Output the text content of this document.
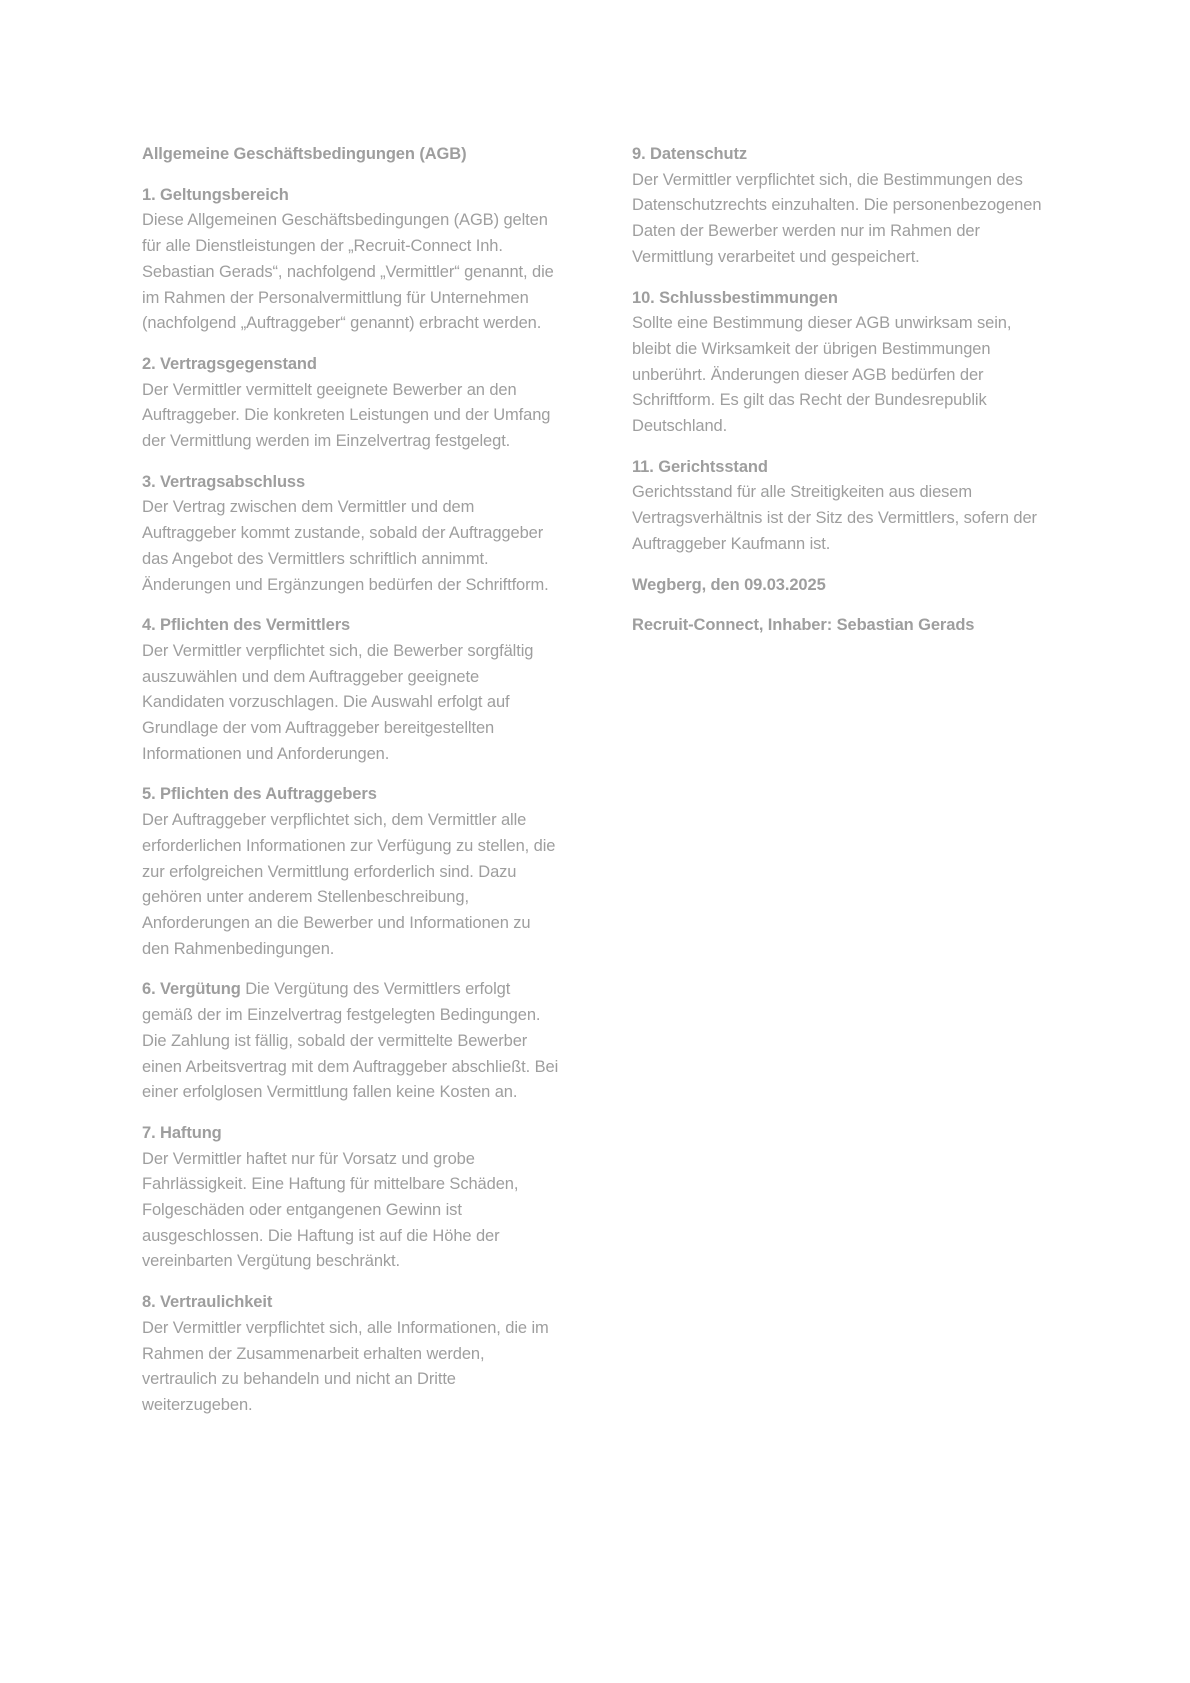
Allgemeine Geschäftsbedingungen (AGB)
1. Geltungsbereich
Diese Allgemeinen Geschäftsbedingungen (AGB) gelten für alle Dienstleistungen der „Recruit-Connect Inh. Sebastian Gerads“, nachfolgend „Vermittler“ genannt, die im Rahmen der Personalvermittlung für Unternehmen (nachfolgend „Auftraggeber“ genannt) erbracht werden.
2. Vertragsgegenstand
Der Vermittler vermittelt geeignete Bewerber an den Auftraggeber. Die konkreten Leistungen und der Umfang der Vermittlung werden im Einzelvertrag festgelegt.
3. Vertragsabschluss
Der Vertrag zwischen dem Vermittler und dem Auftraggeber kommt zustande, sobald der Auftraggeber das Angebot des Vermittlers schriftlich annimmt. Änderungen und Ergänzungen bedürfen der Schriftform.
4. Pflichten des Vermittlers
Der Vermittler verpflichtet sich, die Bewerber sorgfältig auszuwählen und dem Auftraggeber geeignete Kandidaten vorzuschlagen. Die Auswahl erfolgt auf Grundlage der vom Auftraggeber bereitgestellten Informationen und Anforderungen.
5. Pflichten des Auftraggebers
Der Auftraggeber verpflichtet sich, dem Vermittler alle erforderlichen Informationen zur Verfügung zu stellen, die zur erfolgreichen Vermittlung erforderlich sind. Dazu gehören unter anderem Stellenbeschreibung, Anforderungen an die Bewerber und Informationen zu den Rahmenbedingungen.
6. Vergütung Die Vergütung des Vermittlers erfolgt gemäß der im Einzelvertrag festgelegten Bedingungen. Die Zahlung ist fällig, sobald der vermittelte Bewerber einen Arbeitsvertrag mit dem Auftraggeber abschließt. Bei einer erfolglosen Vermittlung fallen keine Kosten an.
7. Haftung
Der Vermittler haftet nur für Vorsatz und grobe Fahrlässigkeit. Eine Haftung für mittelbare Schäden, Folgeschäden oder entgangenen Gewinn ist ausgeschlossen. Die Haftung ist auf die Höhe der vereinbarten Vergütung beschränkt.
8. Vertraulichkeit
Der Vermittler verpflichtet sich, alle Informationen, die im Rahmen der Zusammenarbeit erhalten werden, vertraulich zu behandeln und nicht an Dritte weiterzugeben.
9. Datenschutz
Der Vermittler verpflichtet sich, die Bestimmungen des Datenschutzrechts einzuhalten. Die personenbezogenen Daten der Bewerber werden nur im Rahmen der Vermittlung verarbeitet und gespeichert.
10. Schlussbestimmungen
Sollte eine Bestimmung dieser AGB unwirksam sein, bleibt die Wirksamkeit der übrigen Bestimmungen unberührt. Änderungen dieser AGB bedürfen der Schriftform. Es gilt das Recht der Bundesrepublik Deutschland.
11. Gerichtsstand
Gerichtsstand für alle Streitigkeiten aus diesem Vertragsverhältnis ist der Sitz des Vermittlers, sofern der Auftraggeber Kaufmann ist.
Wegberg, den 09.03.2025
Recruit-Connect, Inhaber: Sebastian Gerads
